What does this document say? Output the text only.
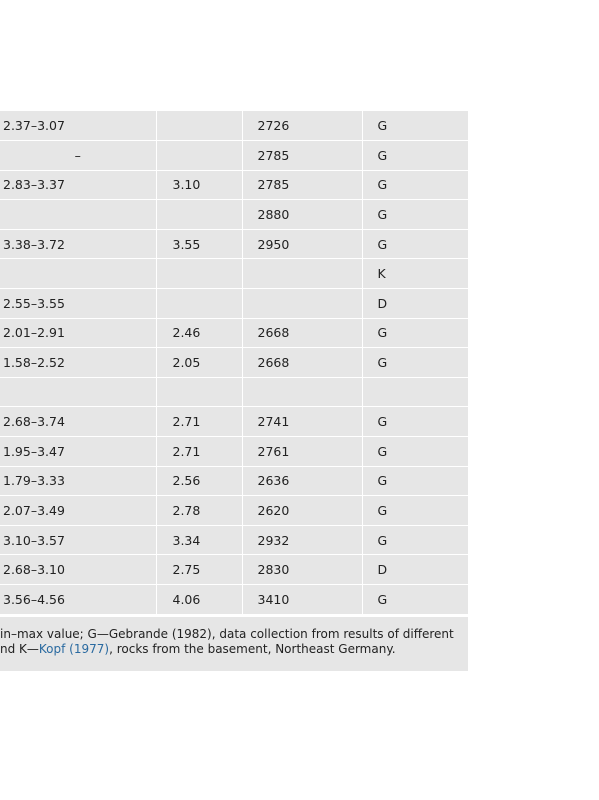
2.37–3.07		2726	G
–		2785	G
2.83–3.37	3.10	2785	G
		2880	G
3.38–3.72	3.55	2950	G
			K
2.55–3.55			D
2.01–2.91	2.46	2668	G
1.58–2.52	2.05	2668	G

2.68–3.74	2.71	2741	G
1.95–3.47	2.71	2761	G
1.79–3.33	2.56	2636	G
2.07–3.49	2.78	2620	G
3.10–3.57	3.34	2932	G
2.68–3.10	2.75	2830	D
3.56–4.56	4.06	3410	G
in–max value; G—Gebrande (1982), data collection from results of different
nd K—Kopf (1977), rocks from the basement, Northeast Germany.
